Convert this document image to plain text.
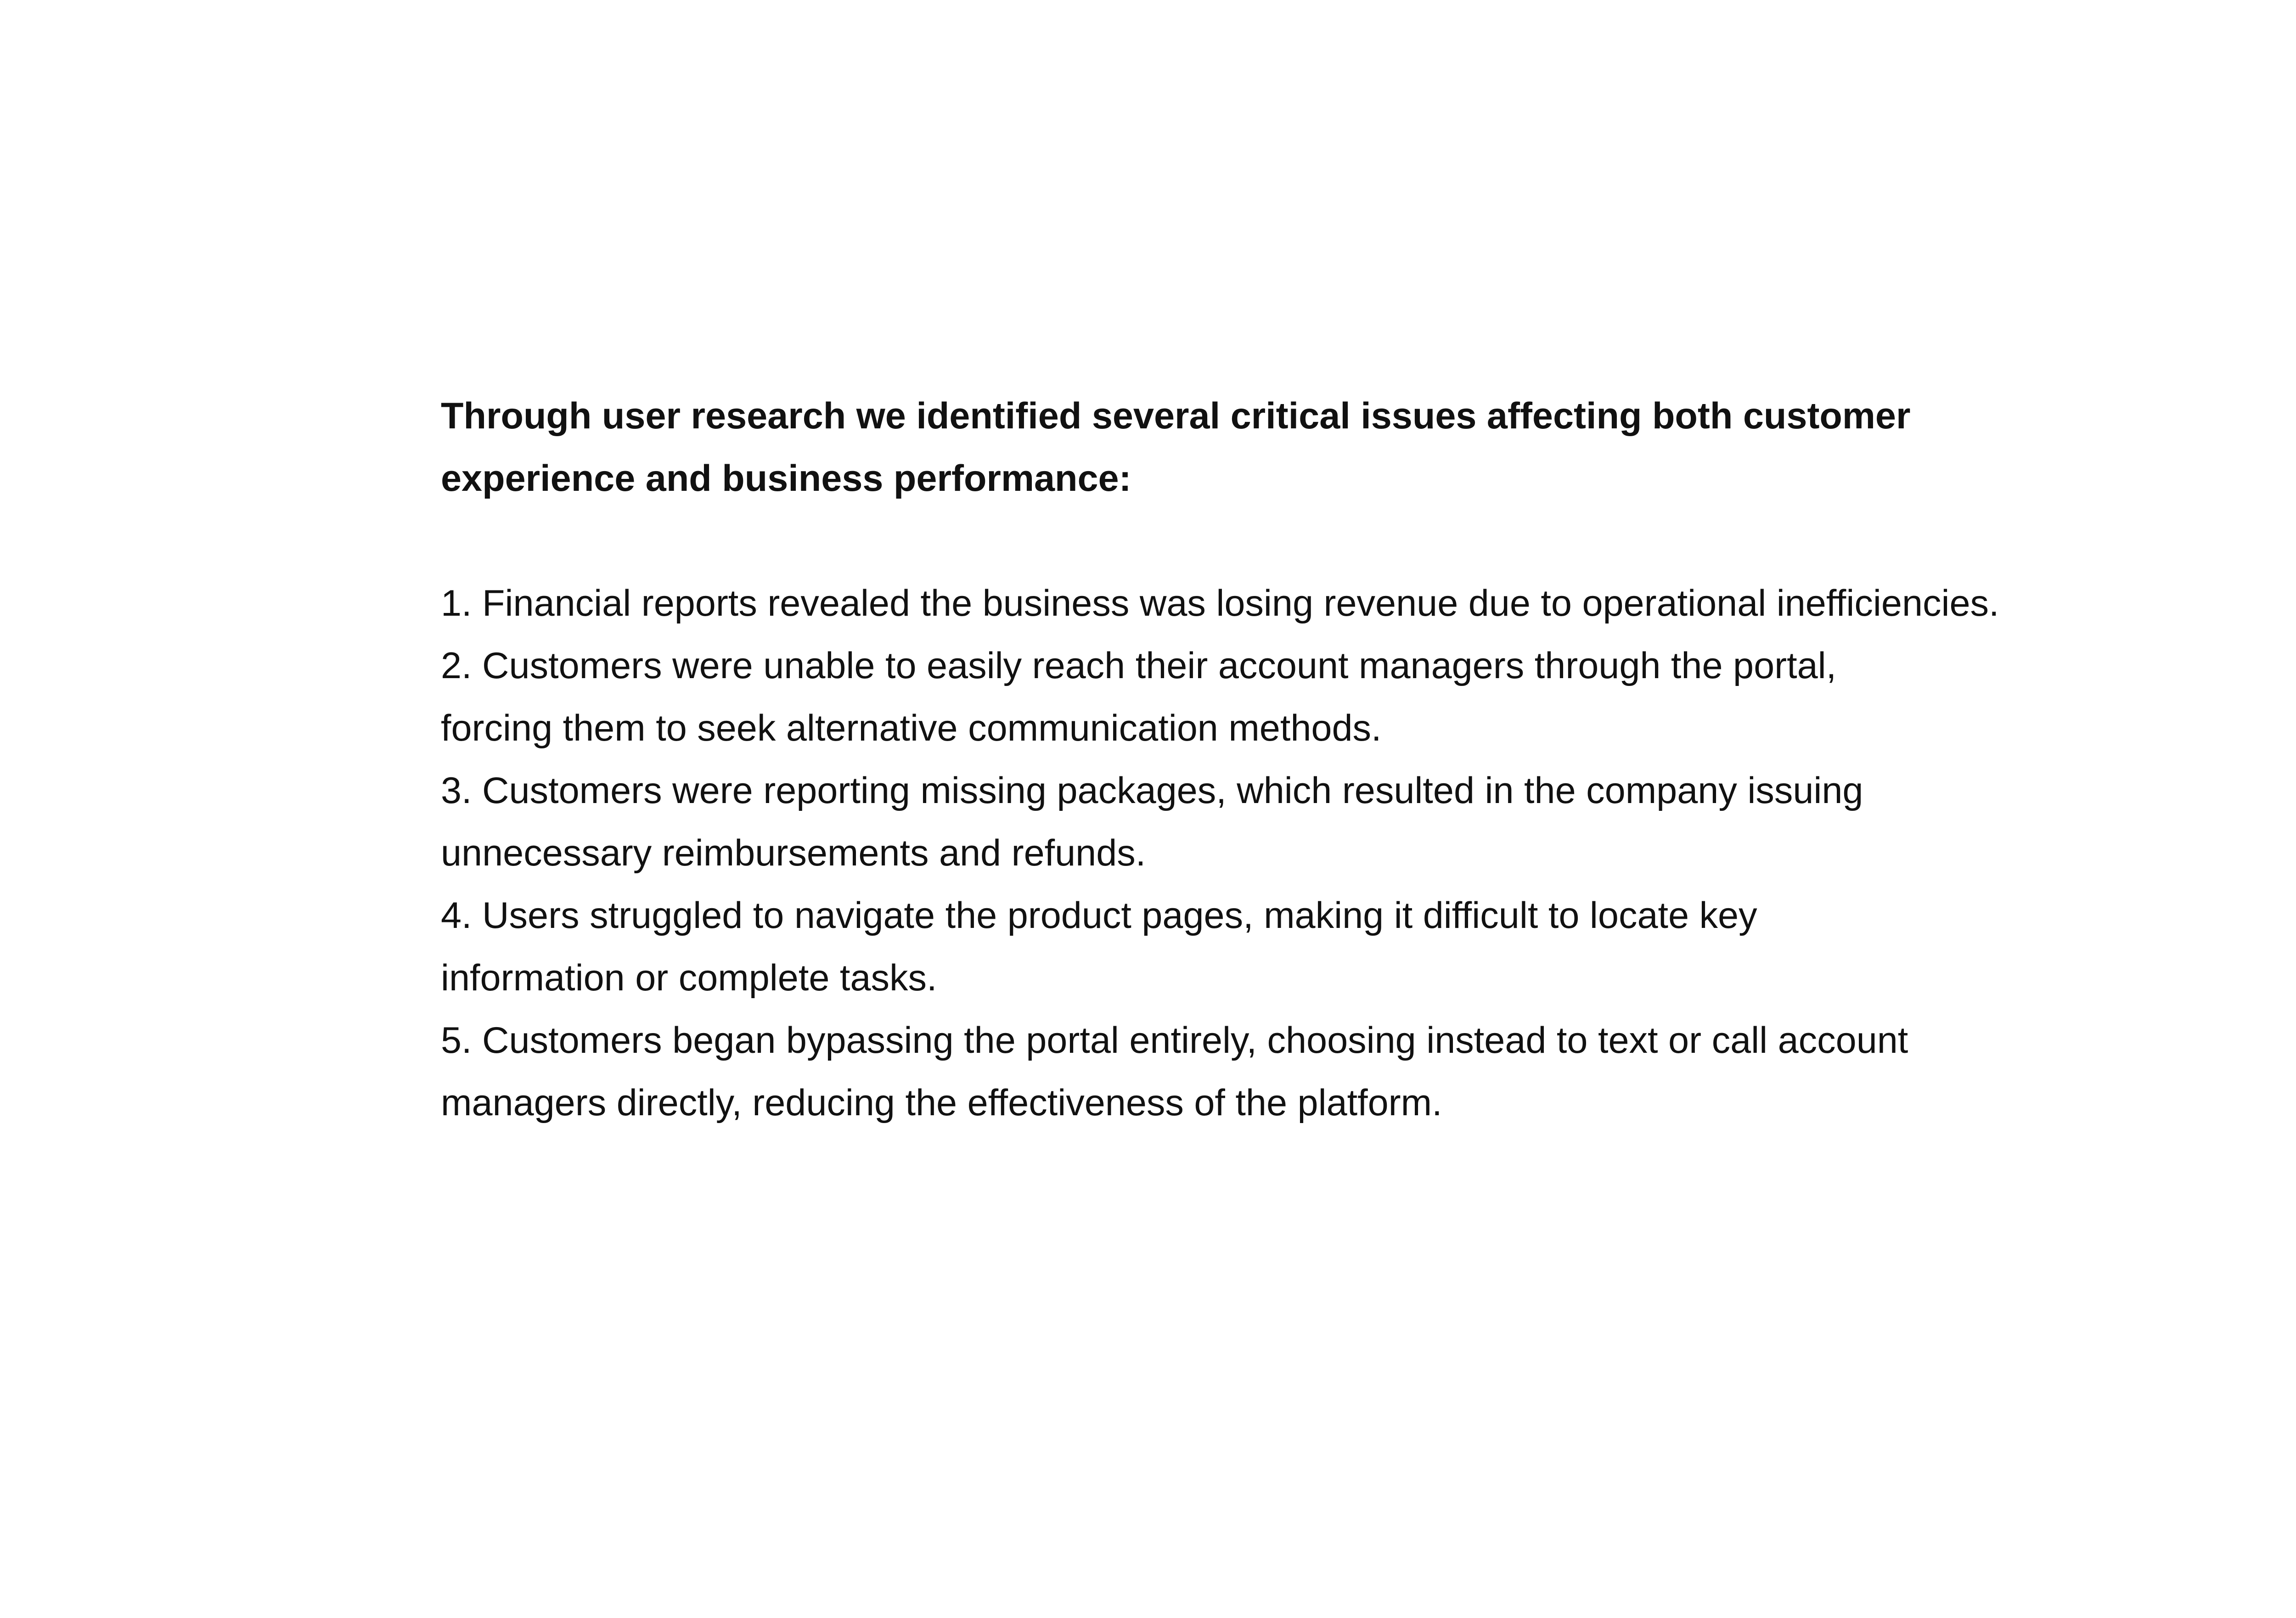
Through user research we identified several critical issues affecting both customer
experience and business performance:

1. Financial reports revealed the business was losing revenue due to operational inefficiencies.
2. Customers were unable to easily reach their account managers through the portal,
forcing them to seek alternative communication methods.
3. Customers were reporting missing packages, which resulted in the company issuing
unnecessary reimbursements and refunds.
4. Users struggled to navigate the product pages, making it difficult to locate key
information or complete tasks.
5. Customers began bypassing the portal entirely, choosing instead to text or call account
managers directly, reducing the effectiveness of the platform.
